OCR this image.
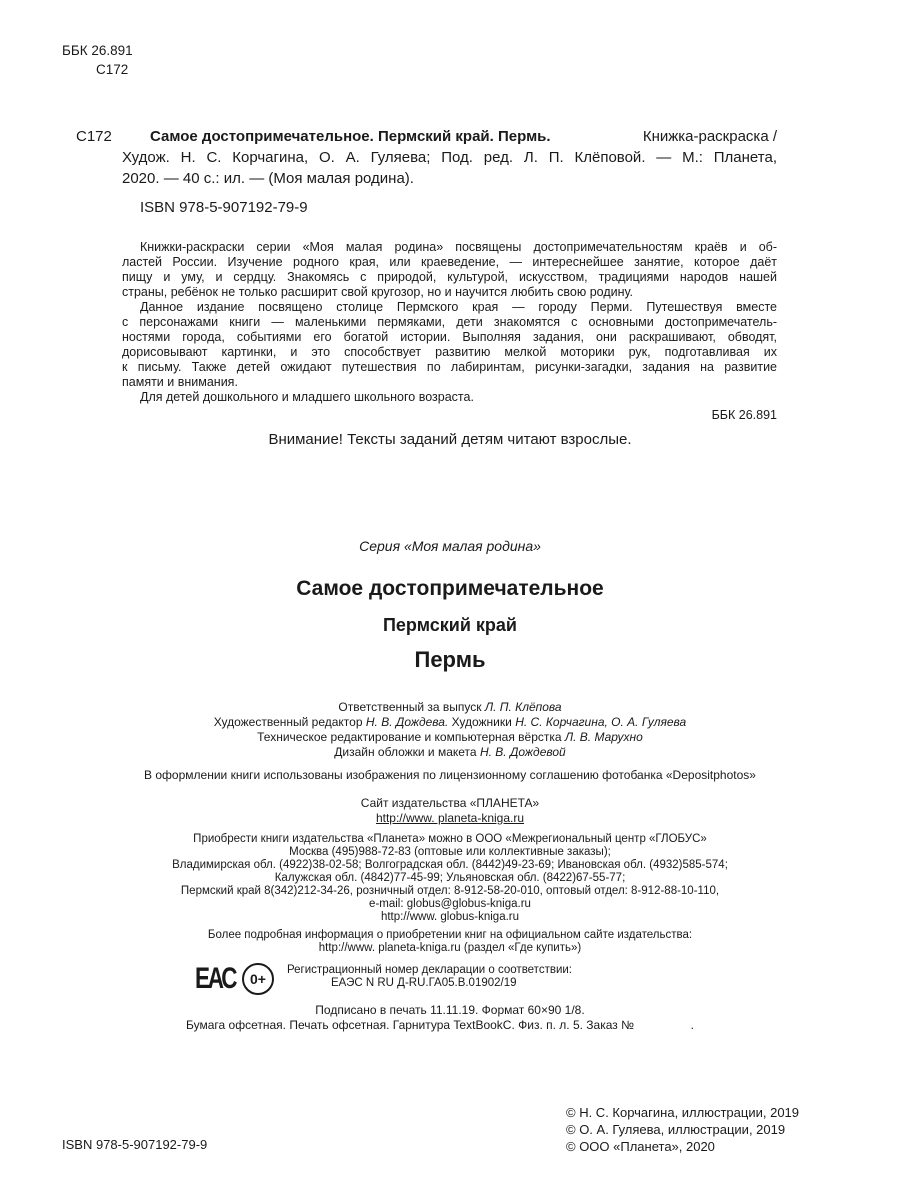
ББК 26.891
С172
С172	Самое достопримечательное. Пермский край. Пермь.	Книжка-раскраска /
Худож. Н. С. Корчагина, О. А. Гуляева; Под. ред. Л. П. Клёповой. — М.: Планета,
2020. — 40 с.: ил. — (Моя малая родина).
ISBN 978-5-907192-79-9
Книжки-раскраски серии «Моя малая родина» посвящены достопримечательностям краёв и об-
ластей России. Изучение родного края, или краеведение, — интереснейшее занятие, которое даёт
пищу и уму, и сердцу. Знакомясь с природой, культурой, искусством, традициями народов нашей
страны, ребёнок не только расширит свой кругозор, но и научится любить свою родину.
Данное издание посвящено столице Пермского края — городу Перми. Путешествуя вместе
с персонажами книги — маленькими пермяками, дети знакомятся с основными достопримечатель-
ностями города, событиями его богатой истории. Выполняя задания, они раскрашивают, обводят,
дорисовывают картинки, и это способствует развитию мелкой моторики рук, подготавливая их
к письму. Также детей ожидают путешествия по лабиринтам, рисунки-загадки, задания на развитие
памяти и внимания.
Для детей дошкольного и младшего школьного возраста.
ББК 26.891
Внимание! Тексты заданий детям читают взрослые.
Серия «Моя малая родина»
Самое достопримечательное
Пермский край
Пермь
Ответственный за выпуск Л. П. Клёпова
Художественный редактор Н. В. Дождева. Художники Н. С. Корчагина, О. А. Гуляева
Техническое редактирование и компьютерная вёрстка Л. В. Марухно
Дизайн обложки и макета Н. В. Дождевой
В оформлении книги использованы изображения по лицензионному соглашению фотобанка «Depositphotos»
Сайт издательства «ПЛАНЕТА»
http://www. planeta-kniga.ru
Приобрести книги издательства «Планета» можно в ООО «Межрегиональный центр «ГЛОБУС»
Москва (495)988-72-83 (оптовые или коллективные заказы);
Владимирская обл. (4922)38-02-58; Волгоградская обл. (8442)49-23-69; Ивановская обл. (4932)585-574;
Калужская обл. (4842)77-45-99; Ульяновская обл. (8422)67-55-77;
Пермский край 8(342)212-34-26, розничный отдел: 8-912-58-20-010, оптовый отдел: 8-912-88-10-110,
e-mail: globus@globus-kniga.ru
http://www. globus-kniga.ru
Более подробная информация о приобретении книг на официальном сайте издательства:
http://www. planeta-kniga.ru (раздел «Где купить»)
ЕАС	0+
Регистрационный номер декларации о соответствии:
ЕАЭС N RU Д-RU.ГА05.В.01902/19
Подписано в печать 11.11.19. Формат 60×90 1/8.
Бумага офсетная. Печать офсетная. Гарнитура TextBookC. Физ. п. л. 5. Заказ №	.
© Н. С. Корчагина, иллюстрации, 2019
© О. А. Гуляева, иллюстрации, 2019
© ООО «Планета», 2020
ISBN 978-5-907192-79-9
